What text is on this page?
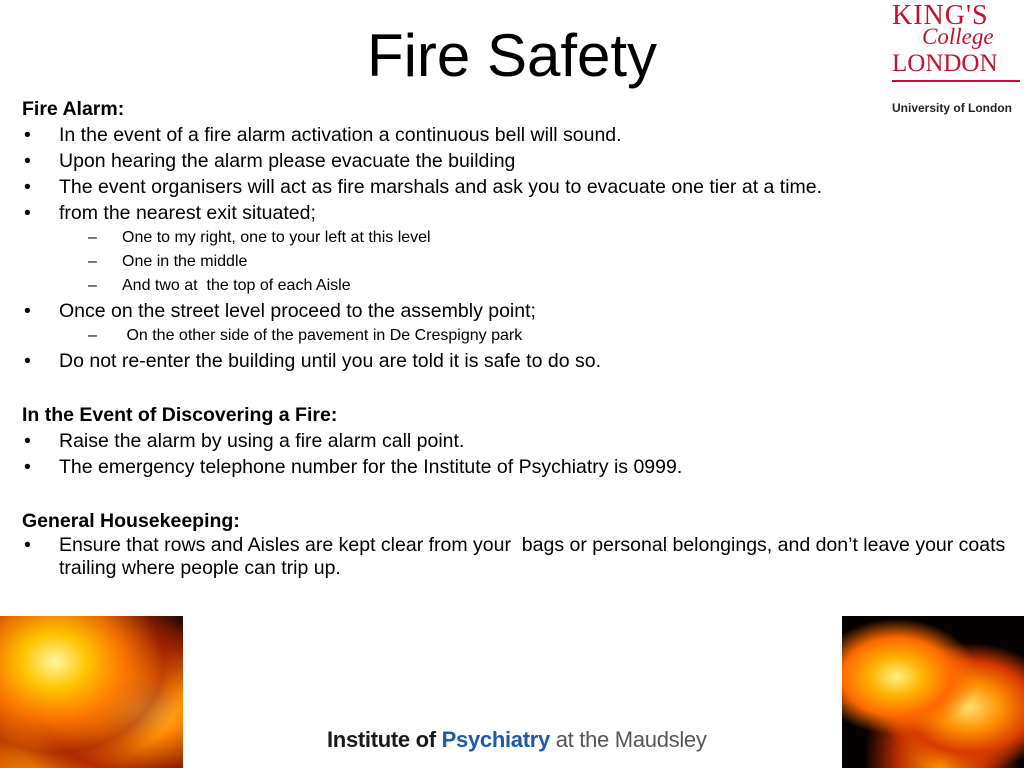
Fire Safety
KING'S
College
LONDON
University of London

Fire Alarm:

• In the event of a fire alarm activation a continuous bell will sound.

• Upon hearing the alarm please evacuate the building

• The event organisers will act as fire marshals and ask you to evacuate one tier at a time.

• from the nearest exit situated;

– One to my right, one to your left at this level

– One in the middle

– And two at  the top of each Aisle

• Once on the street level proceed to the assembly point;

– On the other side of the pavement in De Crespigny park

• Do not re-enter the building until you are told it is safe to do so.

In the Event of Discovering a Fire:

• Raise the alarm by using a fire alarm call point.

• The emergency telephone number for the Institute of Psychiatry is 0999.

General Housekeeping:

• Ensure that rows and Aisles are kept clear from your  bags or personal belongings, and don’t leave your coats trailing where people can trip up.

Institute of Psychiatry at the Maudsley
